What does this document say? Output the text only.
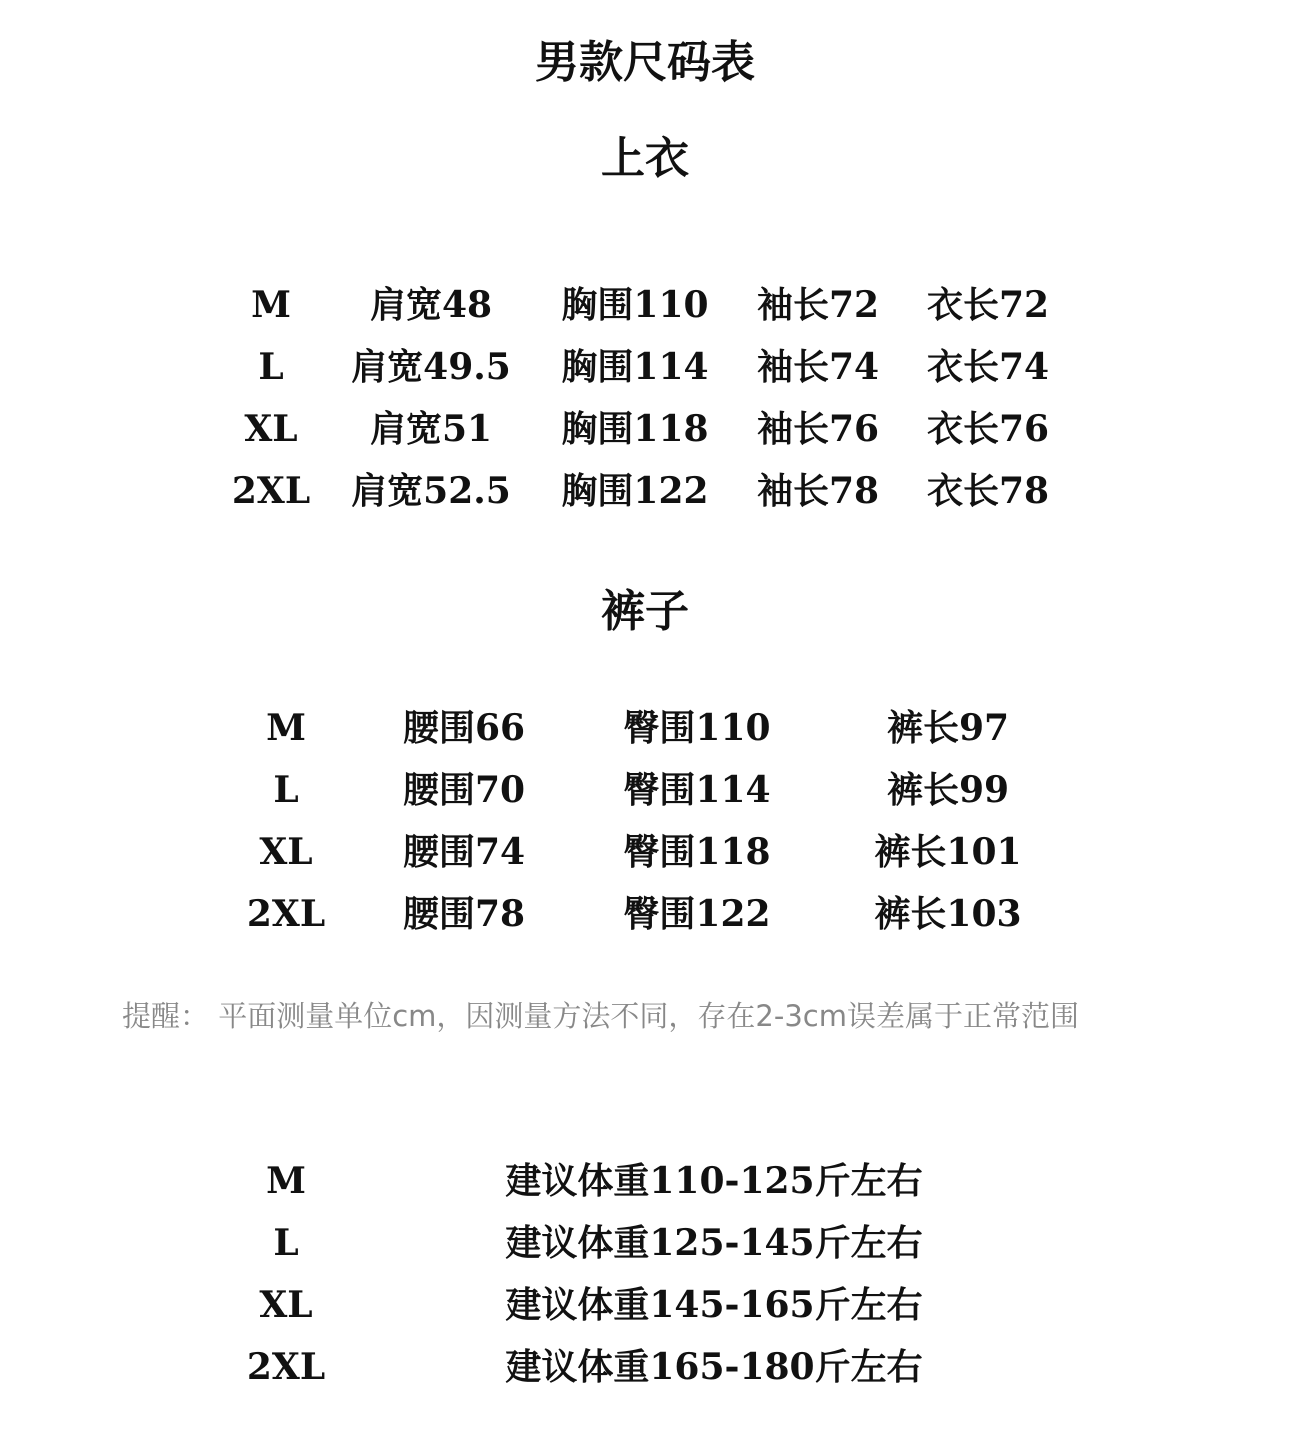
男款尺码表
上衣
M 肩宽48 胸围110 袖长72 衣长72
L 肩宽49.5 胸围114 袖长74 衣长74
XL 肩宽51 胸围118 袖长76 衣长76
2XL 肩宽52.5 胸围122 袖长78 衣长78
裤子
M	腰围66	臀围110	裤长97
L	腰围70	臀围114	裤长99
XL	腰围74	臀围118	裤长101
2XL 腰围78	臀围122	裤长103
提醒： 平面测量单位cm，因测量方法不同，存在2-3cm误差属于正常范围
M	建议体重110-125斤左右
L	建议体重125-145斤左右
XL	建议体重145-165斤左右
2XL	建议体重165-180斤左右
